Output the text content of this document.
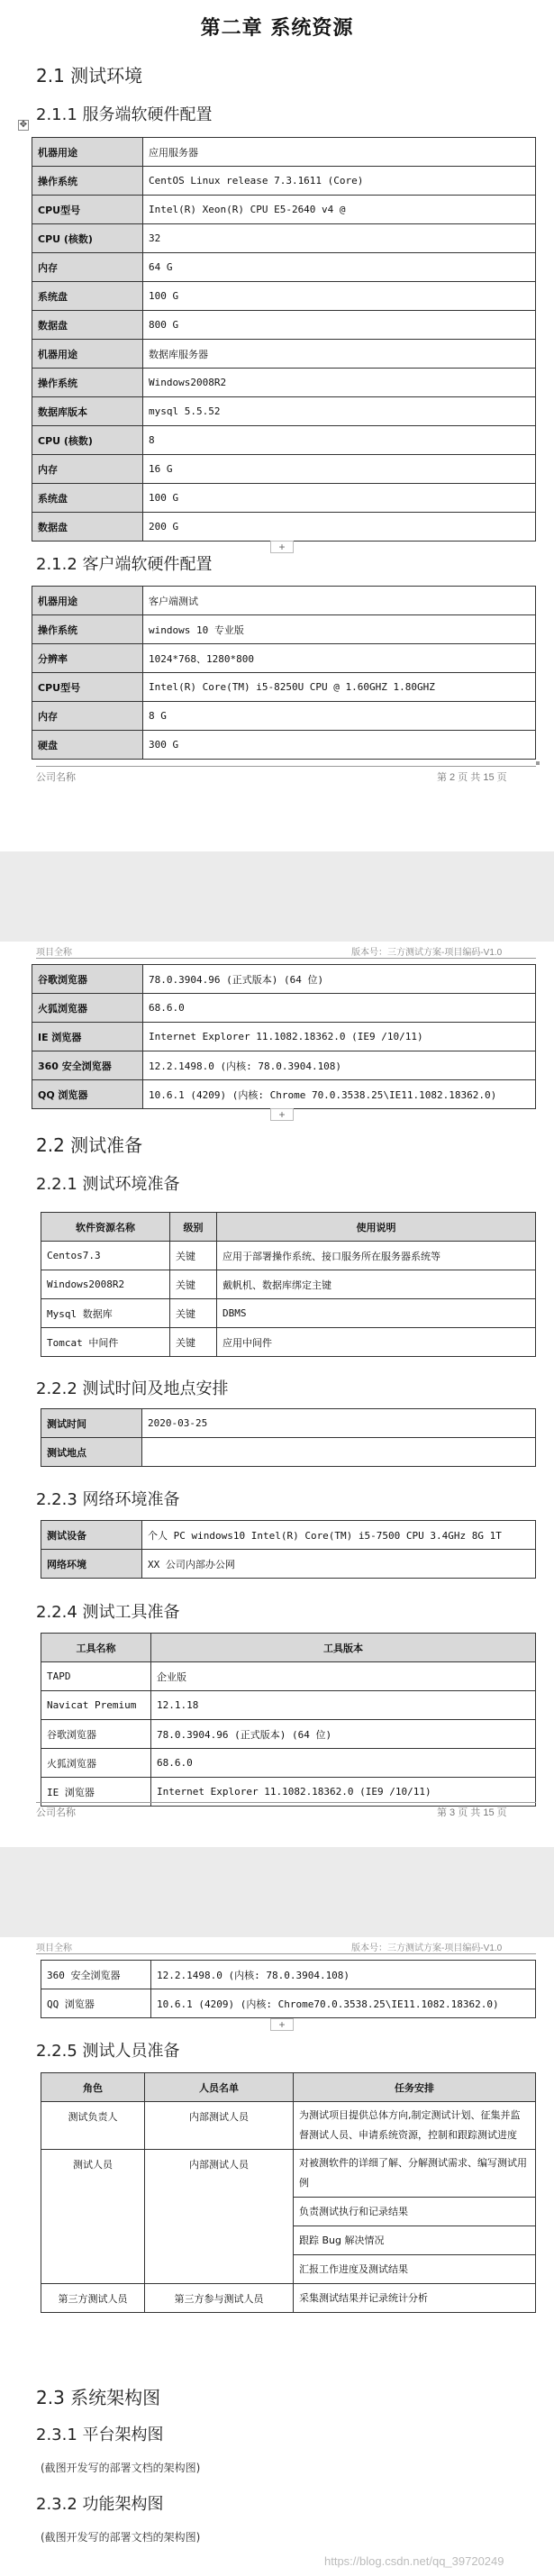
第二章 系统资源
2.1 测试环境
2.1.1 服务端软硬件配置
✥
机器用途	应用服务器
操作系统	CentOS Linux release 7.3.1611 (Core)
CPU型号	Intel(R) Xeon(R) CPU E5-2640 v4 @
CPU (核数)	32
内存	64 G
系统盘	100 G
数据盘	800 G
机器用途	数据库服务器
操作系统	Windows2008R2
数据库版本	mysql 5.5.52
CPU (核数)	8
内存	16 G
系统盘	100 G
数据盘	200 G
+
2.1.2 客户端软硬件配置
机器用途	客户端测试
操作系统	windows 10 专业版
分辨率	1024*768、1280*800
CPU型号	Intel(R) Core(TM) i5-8250U CPU @ 1.60GHZ 1.80GHZ
内存	8 G
硬盘	300 G
公司名称	第 2 页 共 15 页
项目全称	版本号：三方测试方案-项目编码-V1.0
谷歌浏览器	78.0.3904.96 (正式版本) (64 位)
火狐浏览器	68.6.0
IE 浏览器	Internet Explorer 11.1082.18362.0 (IE9 /10/11)
360 安全浏览器	12.2.1498.0 (内核: 78.0.3904.108)
QQ 浏览器	10.6.1 (4209) (内核: Chrome 70.0.3538.25\IE11.1082.18362.0)
+
2.2 测试准备
2.2.1 测试环境准备
软件资源名称	级别	使用说明
Centos7.3	关键	应用于部署操作系统、接口服务所在服务器系统等
Windows2008R2	关键	戴帆机、数据库绑定主键
Mysql 数据库	关键	DBMS
Tomcat 中间件	关键	应用中间件
2.2.2 测试时间及地点安排
测试时间	2020-03-25
测试地点	
2.2.3 网络环境准备
测试设备	个人 PC windows10 Intel(R) Core(TM) i5-7500 CPU 3.4GHz 8G 1T
网络环境	XX 公司内部办公网
2.2.4 测试工具准备
工具名称	工具版本
TAPD	企业版
Navicat Premium	12.1.18
谷歌浏览器	78.0.3904.96 (正式版本) (64 位)
火狐浏览器	68.6.0
IE 浏览器	Internet Explorer 11.1082.18362.0 (IE9 /10/11)
公司名称	第 3 页 共 15 页
项目全称	版本号：三方测试方案-项目编码-V1.0
360 安全浏览器	12.2.1498.0 (内核: 78.0.3904.108)
QQ 浏览器	10.6.1 (4209) (内核: Chrome70.0.3538.25\IE11.1082.18362.0)
+
2.2.5 测试人员准备
角色	人员名单	任务安排
测试负责人	内部测试人员	为测试项目提供总体方向,制定测试计划、征集并监督测试人员、申请系统资源，控制和跟踪测试进度
测试人员	内部测试人员	对被测软件的详细了解、分解测试需求、编写测试用例
		负责测试执行和记录结果
		跟踪 Bug 解决情况
		汇报工作进度及测试结果
第三方测试人员	第三方参与测试人员	采集测试结果并记录统计分析
2.3 系统架构图
2.3.1 平台架构图
(截图开发写的部署文档的架构图)
2.3.2 功能架构图
(截图开发写的部署文档的架构图)
https://blog.csdn.net/qq_39720249
